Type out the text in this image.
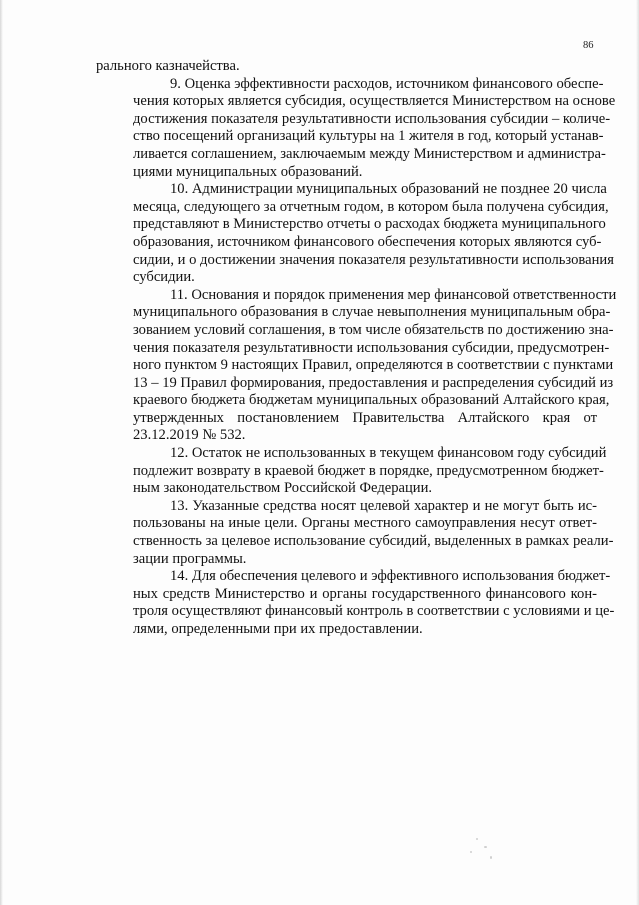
86

рального казначейства.

9. Оценка эффективности расходов, источником финансового обеспе-
чения которых является субсидия, осуществляется Министерством на основе
достижения показателя результативности использования субсидии – количе-
ство посещений организаций культуры на 1 жителя в год, который устанав-
ливается соглашением, заключаемым между Министерством и администра-
циями муниципальных образований.

10. Администрации муниципальных образований не позднее 20 числа
месяца, следующего за отчетным годом, в котором была получена субсидия,
представляют в Министерство отчеты о расходах бюджета муниципального
образования, источником финансового обеспечения которых являются суб-
сидии, и о достижении значения показателя результативности использования
субсидии.

11. Основания и порядок применения мер финансовой ответственности
муниципального образования в случае невыполнения муниципальным обра-
зованием условий соглашения, в том числе обязательств по достижению зна-
чения показателя результативности использования субсидии, предусмотрен-
ного пунктом 9 настоящих Правил, определяются в соответствии с пунктами
13 – 19 Правил формирования, предоставления и распределения субсидий из
краевого бюджета бюджетам муниципальных образований Алтайского края,
утвержденных постановлением Правительства Алтайского края от
23.12.2019 № 532.

12. Остаток не использованных в текущем финансовом году субсидий
подлежит возврату в краевой бюджет в порядке, предусмотренном бюджет-
ным законодательством Российской Федерации.

13. Указанные средства носят целевой характер и не могут быть ис-
пользованы на иные цели. Органы местного самоуправления несут ответ-
ственность за целевое использование субсидий, выделенных в рамках реали-
зации программы.

14. Для обеспечения целевого и эффективного использования бюджет-
ных средств Министерство и органы государственного финансового кон-
троля осуществляют финансовый контроль в соответствии с условиями и це-
лями, определенными при их предоставлении.
